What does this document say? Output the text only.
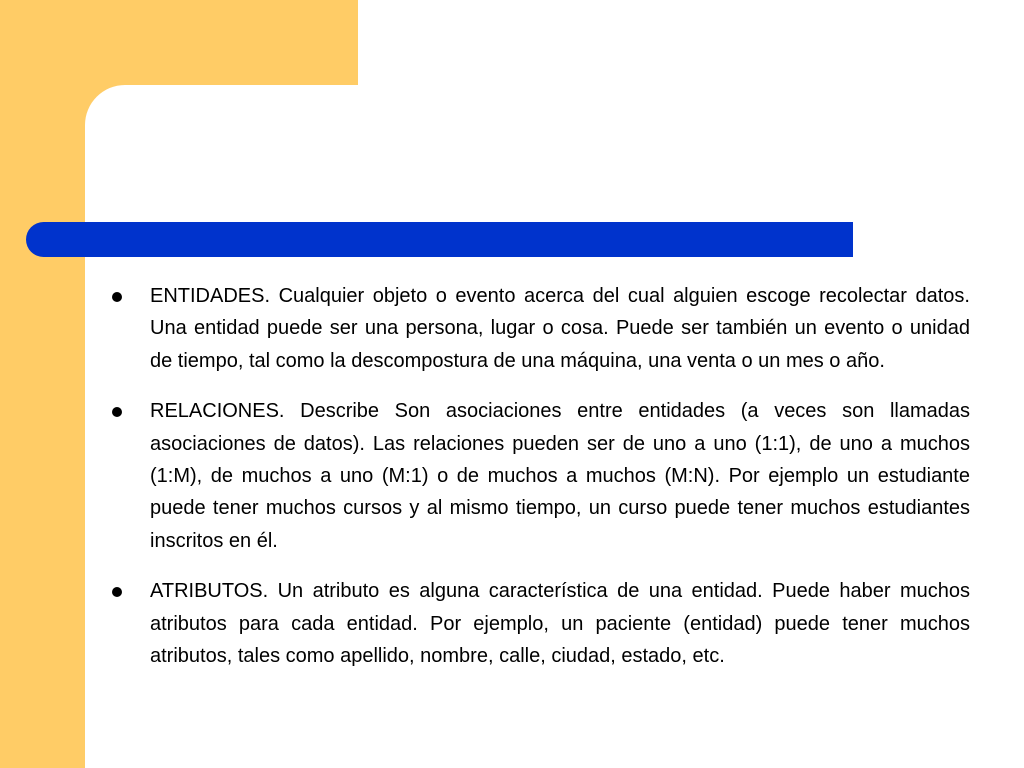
ENTIDADES. Cualquier objeto o evento acerca del cual alguien escoge recolectar datos. Una entidad puede ser una persona, lugar o cosa. Puede ser también un evento o unidad de tiempo, tal como la descompostura de una máquina, una venta o un mes o año.
RELACIONES. Describe Son asociaciones entre entidades (a veces son llamadas asociaciones de datos). Las relaciones pueden ser de uno a uno (1:1), de uno a muchos (1:M), de muchos a uno (M:1) o de muchos a muchos (M:N). Por ejemplo un estudiante puede tener muchos cursos y al mismo tiempo, un curso puede tener muchos estudiantes inscritos en él.
ATRIBUTOS. Un atributo es alguna característica de una entidad. Puede haber muchos atributos para cada entidad. Por ejemplo, un paciente (entidad) puede tener muchos atributos, tales como apellido, nombre, calle, ciudad, estado, etc.
